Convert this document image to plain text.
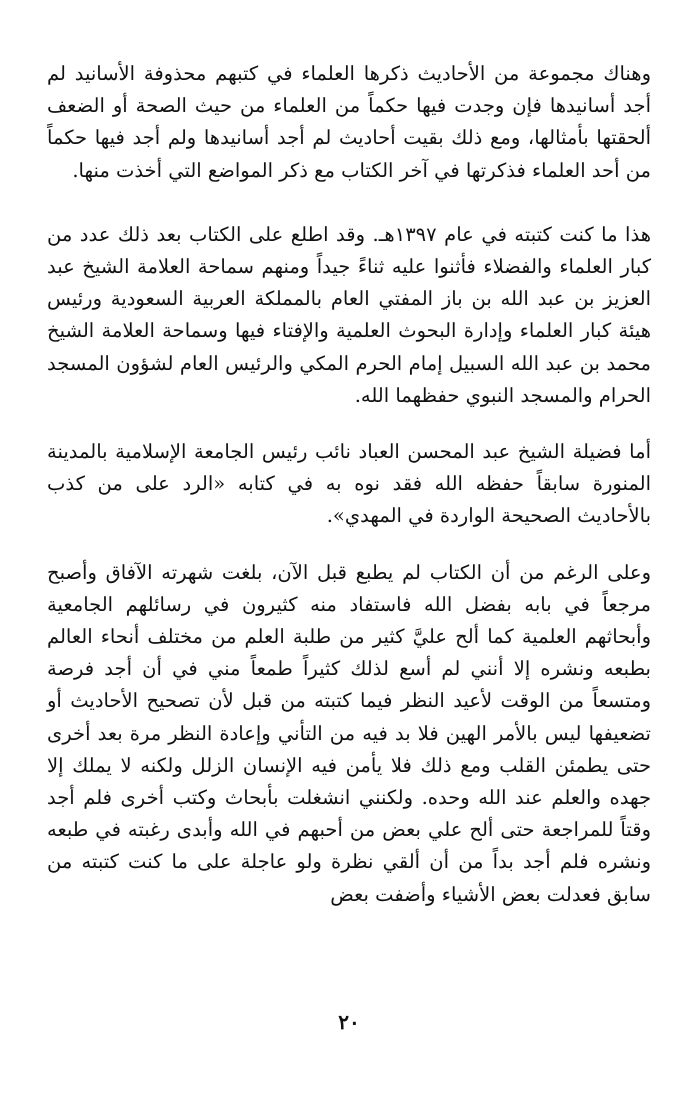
وهناك مجموعة من الأحاديث ذكرها العلماء في كتبهم محذوفة الأسانيد لم أجد أسانيدها فإن وجدت فيها حكماً من العلماء من حيث الصحة أو الضعف ألحقتها بأمثالها، ومع ذلك بقيت أحاديث لم أجد أسانيدها ولم أجد فيها حكماً من أحد العلماء فذكرتها في آخر الكتاب مع ذكر المواضع التي أخذت منها.

هذا ما كنت كتبته في عام ١٣٩٧هـ. وقد اطلع على الكتاب بعد ذلك عدد من كبار العلماء والفضلاء فأثنوا عليه ثناءً جيداً ومنهم سماحة العلامة الشيخ عبد العزيز بن عبد الله بن باز المفتي العام بالمملكة العربية السعودية ورئيس هيئة كبار العلماء وإدارة البحوث العلمية والإفتاء فيها وسماحة العلامة الشيخ محمد بن عبد الله السبيل إمام الحرم المكي والرئيس العام لشؤون المسجد الحرام والمسجد النبوي حفظهما الله.

أما فضيلة الشيخ عبد المحسن العباد نائب رئيس الجامعة الإسلامية بالمدينة المنورة سابقاً حفظه الله فقد نوه به في كتابه «الرد على من كذب بالأحاديث الصحيحة الواردة في المهدي».

وعلى الرغم من أن الكتاب لم يطبع قبل الآن، بلغت شهرته الآفاق وأصبح مرجعاً في بابه بفضل الله فاستفاد منه كثيرون في رسائلهم الجامعية وأبحاثهم العلمية كما ألح عليَّ كثير من طلبة العلم من مختلف أنحاء العالم بطبعه ونشره إلا أنني لم أسع لذلك كثيراً طمعاً مني في أن أجد فرصة ومتسعاً من الوقت لأعيد النظر فيما كتبته من قبل لأن تصحيح الأحاديث أو تضعيفها ليس بالأمر الهين فلا بد فيه من التأني وإعادة النظر مرة بعد أخرى حتى يطمئن القلب ومع ذلك فلا يأمن فيه الإنسان الزلل ولكنه لا يملك إلا جهده والعلم عند الله وحده. ولكنني انشغلت بأبحاث وكتب أخرى فلم أجد وقتاً للمراجعة حتى ألح علي بعض من أحبهم في الله وأبدى رغبته في طبعه ونشره فلم أجد بداً من أن ألقي نظرة ولو عاجلة على ما كنت كتبته من سابق فعدلت بعض الأشياء وأضفت بعض

٢٠
